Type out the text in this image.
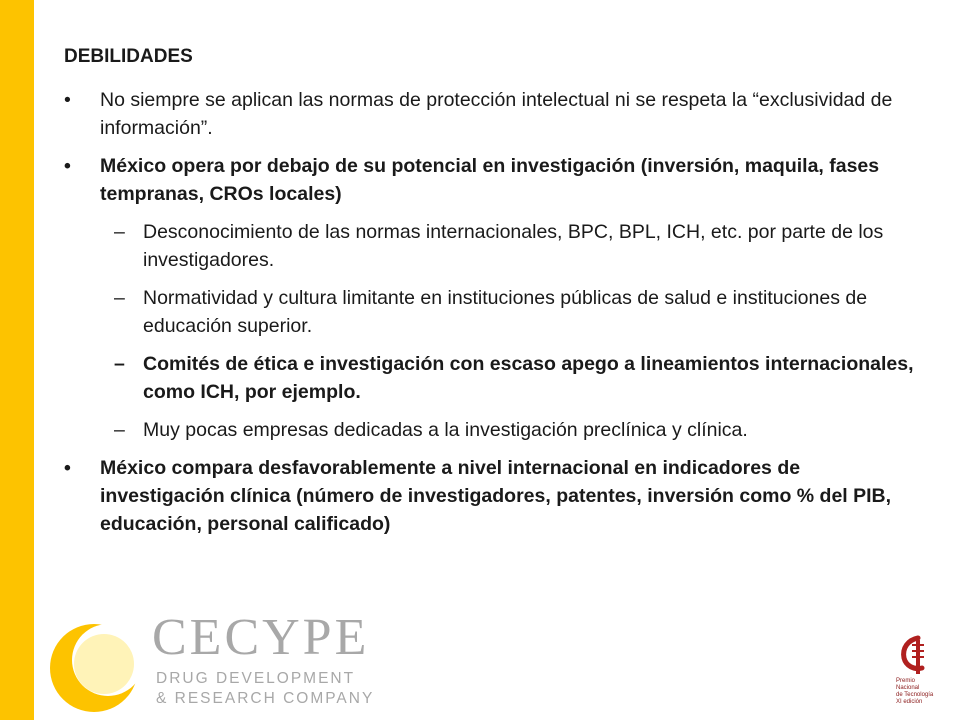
DEBILIDADES
• No siempre se aplican las normas de protección intelectual ni se respeta la “exclusividad de información”.
• México opera por debajo de su potencial en investigación (inversión, maquila, fases tempranas, CROs locales)
– Desconocimiento de las normas internacionales, BPC, BPL, ICH, etc. por parte de los investigadores.
– Normatividad y cultura limitante en instituciones públicas de salud e instituciones de educación superior.
– Comités de ética e investigación con escaso apego a lineamientos internacionales, como ICH, por ejemplo.
– Muy pocas empresas dedicadas a la investigación preclínica y clínica.
• México compara desfavorablemente a nivel internacional en indicadores de investigación clínica (número de investigadores, patentes, inversión como % del PIB, educación, personal calificado)
CECYPE
DRUG DEVELOPMENT
& RESEARCH COMPANY
Premio
Nacional
de Tecnología
XI edición
